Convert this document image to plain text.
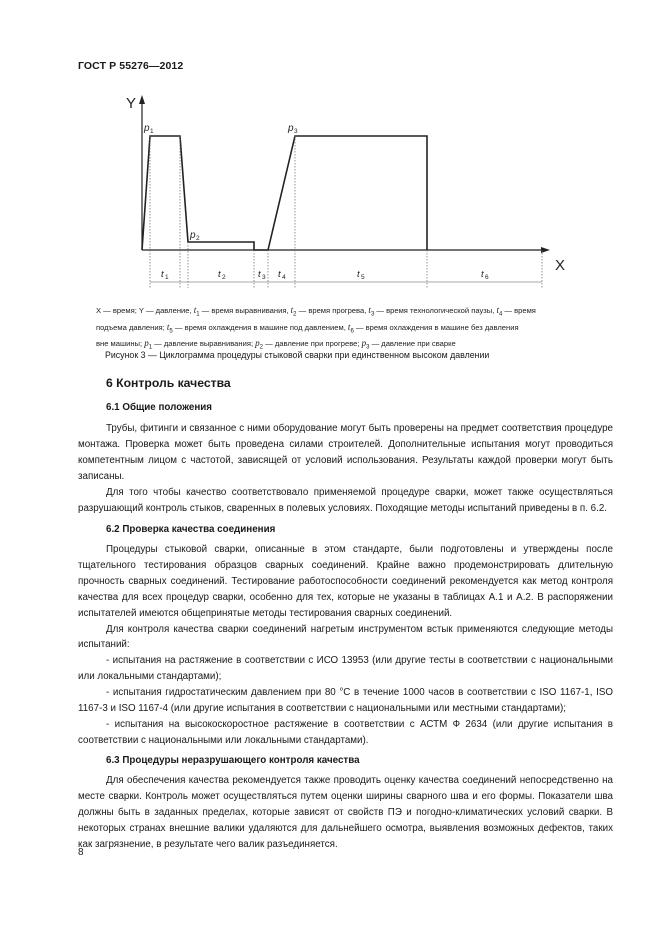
ГОСТ Р 55276—2012
Y
X
p 1
p 2
p 3
t 1	t 2	t 3 t 4	t 5	t 6
X — время; Y — давление, $t_1$ — время выравнивания, $t_2$ — время прогрева, $t_3$ — время технологической паузы, $t_4$ — время
подъема давления; $t_5$ — время охлаждения в машине под давлением, $t_6$ — время охлаждения в машине без давления
вне машины; $p_1$ — давление выравнивания; $p_2$ — давление при прогреве; $p_3$ — давление при сварке
Рисунок 3 — Циклограмма процедуры стыковой сварки при единственном высоком давлении
6 Контроль качества
6.1 Общие положения

Трубы, фитинги и связанное с ними оборудование могут быть проверены на предмет соответствия процедуре монтажа. Проверка может быть проведена силами строителей. Дополнительные испытания могут проводиться компетентным лицом с частотой, зависящей от условий использования. Результаты каждой проверки могут быть записаны.

Для того чтобы качество соответствовало применяемой процедуре сварки, может также осуществляться разрушающий контроль стыков, сваренных в полевых условиях. Походящие методы испытаний приведены в п. 6.2.

6.2 Проверка качества соединения

Процедуры стыковой сварки, описанные в этом стандарте, были подготовлены и утверждены после тщательного тестирования образцов сварных соединений. Крайне важно продемонстрировать длительную прочность сварных соединений. Тестирование работоспособности соединений рекомендуется как метод контроля качества для всех процедур сварки, особенно для тех, которые не указаны в таблицах А.1 и А.2. В распоряжении испытателей имеются общепринятые методы тестирования сварных соединений.

Для контроля качества сварки соединений нагретым инструментом встык применяются следующие методы испытаний:

- испытания на растяжение в соответствии с ИСО 13953 (или другие тесты в соответствии с национальными или локальными стандартами);

- испытания гидростатическим давлением при 80 °С в течение 1000 часов в соответствии с ISO 1167-1, ISO 1167-3 и ISO 1167-4 (или другие испытания в соответствии с национальными или местными стандартами);

- испытания на высокоскоростное растяжение в соответствии с АСТМ Ф 2634 (или другие испытания в соответствии с национальными или локальными стандартами).

6.3 Процедуры неразрушающего контроля качества

Для обеспечения качества рекомендуется также проводить оценку качества соединений непосредственно на месте сварки. Контроль может осуществляться путем оценки ширины сварного шва и его формы. Показатели шва должны быть в заданных пределах, которые зависят от свойств ПЭ и погодно-климатических условий сварки. В некоторых странах внешние валики удаляются для дальнейшего осмотра, выявления возможных дефектов, таких как загрязнение, в результате чего валик разъединяется.

8
